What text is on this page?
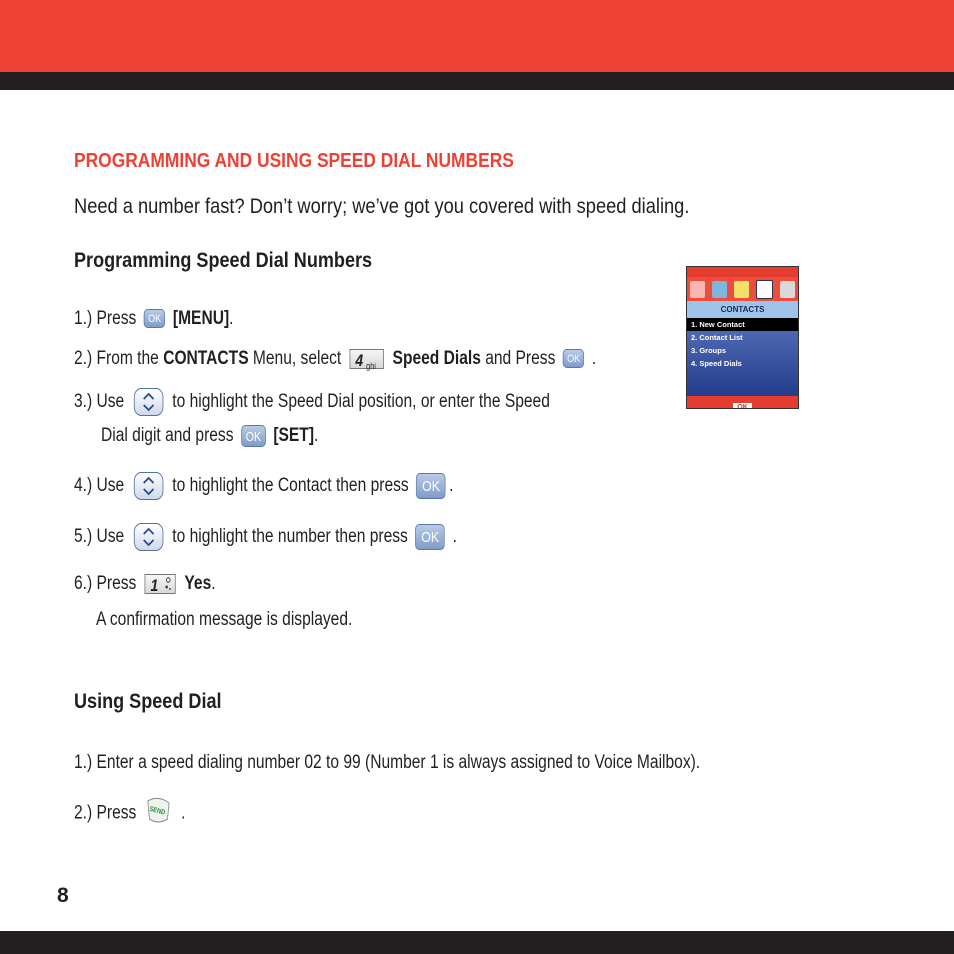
PROGRAMMING AND USING SPEED DIAL NUMBERS
Need a number fast? Don’t worry; we’ve got you covered with speed dialing.
Programming Speed Dial Numbers
1.) Press OK [MENU].
2.) From the CONTACTS Menu, select 4 ghi Speed Dials and Press OK .
3.) Use	to highlight the Speed Dial position, or enter the Speed
Dial digit and press OK [SET].
4.) Use	to highlight the Contact then press OK .
5.) Use	to highlight the number then press OK .
6.) Press 1 Yes.
A confirmation message is displayed.
Using Speed Dial
1.) Enter a speed dialing number 02 to 99 (Number 1 is always assigned to Voice Mailbox).
2.) Press SEND .
CONTACTS
1. New Contact
2. Contact List
3. Groups
4. Speed Dials
OK
8
